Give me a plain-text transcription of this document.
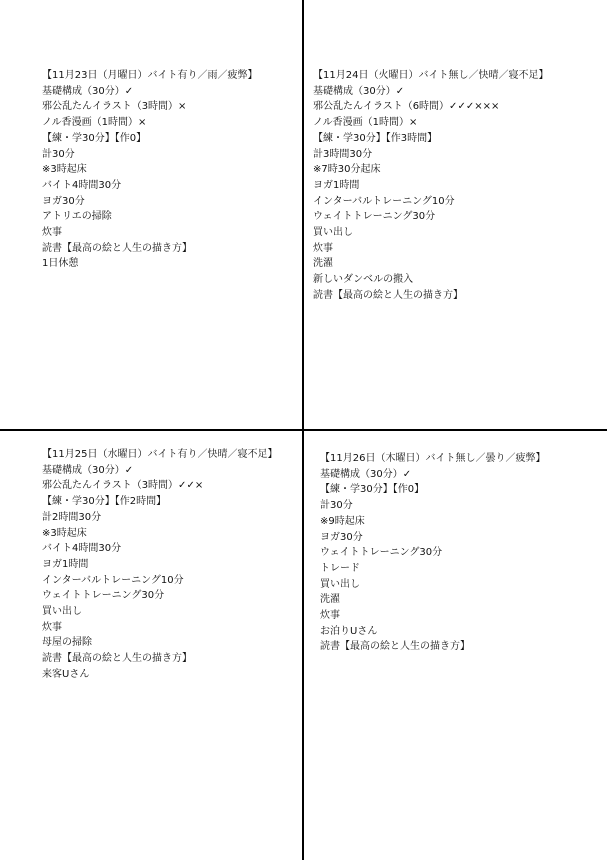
【11月23日（月曜日）バイト有り／雨／疲弊】
基礎構成（30分）✓
邪公乱たんイラスト（3時間）×
ノル香漫画（1時間）×
【練・学30分】【作0】
計30分
※3時起床
バイト4時間30分
ヨガ30分
アトリエの掃除
炊事
読書【最高の絵と人生の描き方】
1日休憩
【11月24日（火曜日）バイト無し／快晴／寝不足】
基礎構成（30分）✓
邪公乱たんイラスト（6時間）✓✓✓×××
ノル香漫画（1時間）×
【練・学30分】【作3時間】
計3時間30分
※7時30分起床
ヨガ1時間
インターバルトレーニング10分
ウェイトトレーニング30分
買い出し
炊事
洗濯
新しいダンベルの搬入
読書【最高の絵と人生の描き方】
【11月25日（水曜日）バイト有り／快晴／寝不足】
基礎構成（30分）✓
邪公乱たんイラスト（3時間）✓✓×
【練・学30分】【作2時間】
計2時間30分
※3時起床
バイト4時間30分
ヨガ1時間
インターバルトレーニング10分
ウェイトトレーニング30分
買い出し
炊事
母屋の掃除
読書【最高の絵と人生の描き方】
来客Uさん
【11月26日（木曜日）バイト無し／曇り／疲弊】
基礎構成（30分）✓
【練・学30分】【作0】
計30分
※9時起床
ヨガ30分
ウェイトトレーニング30分
トレード
買い出し
洗濯
炊事
お泊りUさん
読書【最高の絵と人生の描き方】
